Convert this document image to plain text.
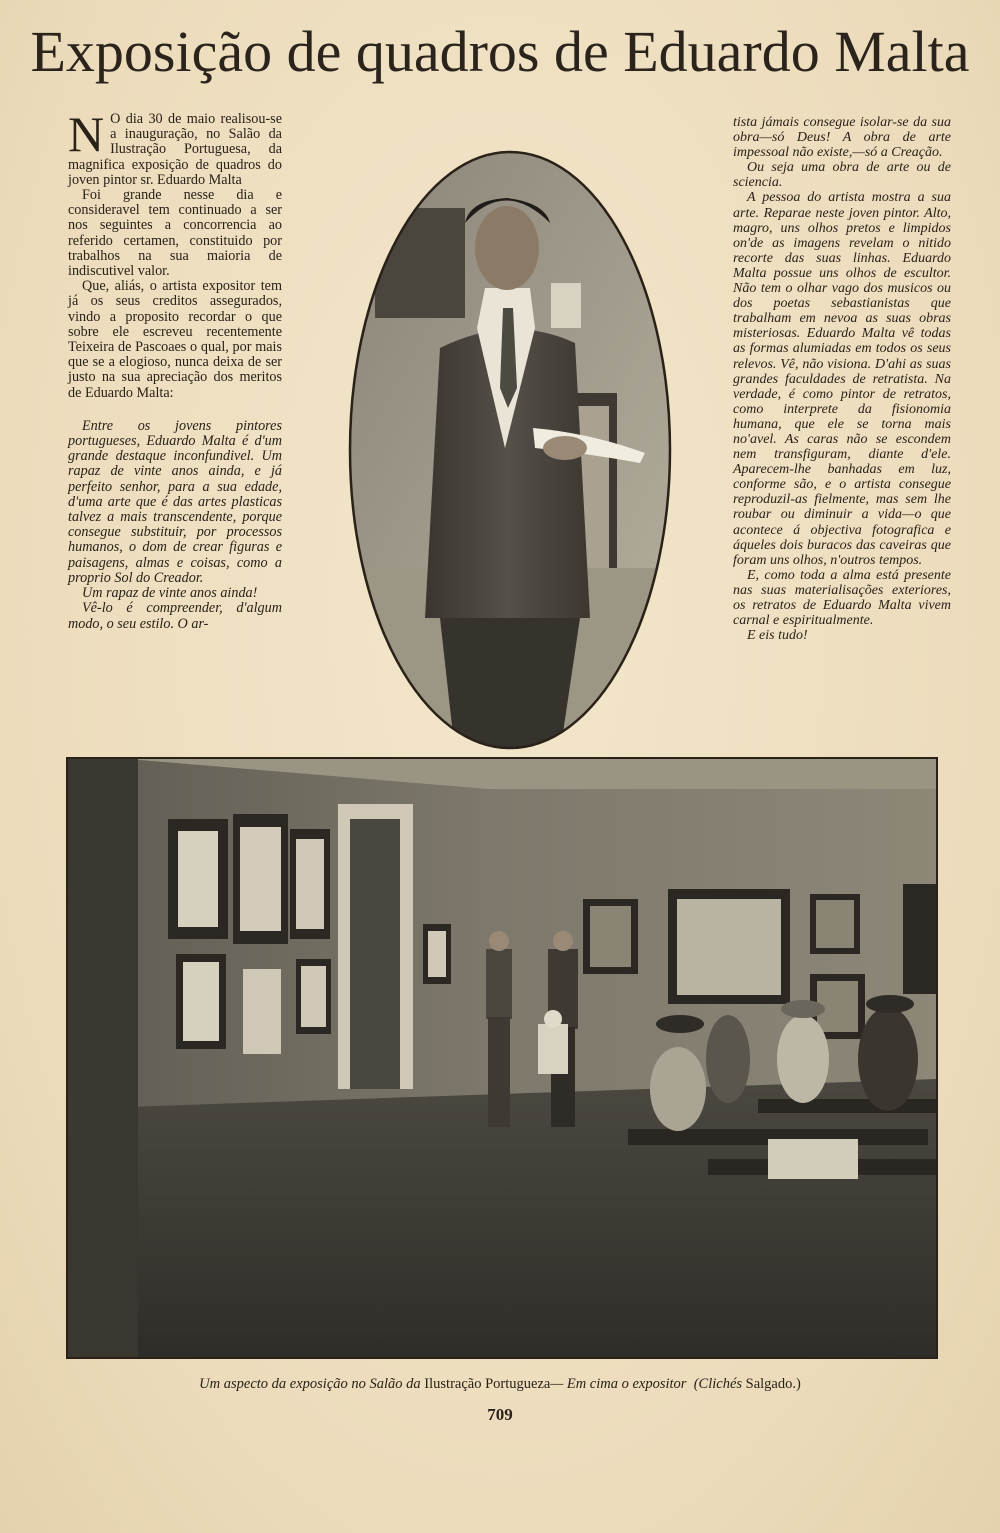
Exposição de quadros de Eduardo Malta

N O dia 30 de maio realisou-se a inauguração, no Salão da Ilustração Portuguesa, da magnifica exposição de quadros do joven pintor sr. Eduardo Malta

Foi grande nesse dia e consideravel tem continuado a ser nos seguintes a concorrencia ao referido certamen, constituido por trabalhos na sua maioria de indiscutivel valor.

Que, aliás, o artista expositor tem já os seus creditos assegurados, vindo a proposito recordar o que sobre ele escreveu recentemente Teixeira de Pascoaes o qual, por mais que se a elogioso, nunca deixa de ser justo na sua apreciação dos meritos de Eduardo Malta:

Entre os jovens pintores portugueses, Eduardo Malta é d'um grande destaque inconfundivel. Um rapaz de vinte anos ainda, e já perfeito senhor, para a sua edade, d'uma arte que é das artes plasticas talvez a mais transcendente, porque consegue substituir, por processos humanos, o dom de crear figuras e paisagens, almas e coisas, como a proprio Sol do Creador.

Um rapaz de vinte anos ainda!

Vê-lo é compreender, d'algum modo, o seu estilo. O ar-

tista jámais consegue isolar-se da sua obra—só Deus! A obra de arte impessoal não existe,—só a Creação.

Ou seja uma obra de arte ou de sciencia.

A pessoa do artista mostra a sua arte. Reparae neste joven pintor. Alto, magro, uns olhos pretos e limpidos on'de as imagens revelam o nitido recorte das suas linhas. Eduardo Malta possue uns olhos de escultor. Não tem o olhar vago dos musicos ou dos poetas sebastianistas que trabalham em nevoa as suas obras misteriosas. Eduardo Malta vê todas as formas alumiadas em todos os seus relevos. Vê, não visiona. D'ahi as suas grandes faculdades de retratista. Na verdade, é como pintor de retratos, como interprete da fisionomia humana, que ele se torna mais no'avel. As caras não se escondem nem transfiguram, diante d'ele. Aparecem-lhe banhadas em luz, conforme são, e o artista consegue reproduzil-as fielmente, mas sem lhe roubar ou diminuir a vida—o que acontece á objectiva fotografica e áqueles dois buracos das caveiras que foram uns olhos, n'outros tempos.

E, como toda a alma está presente nas suas materialisações exteriores, os retratos de Eduardo Malta vivem carnal e espiritualmente.

E eis tudo!

Um aspecto da exposição no Salão da Ilustração Portugueza— Em cima o expositor (Clichés Salgado.)
709
